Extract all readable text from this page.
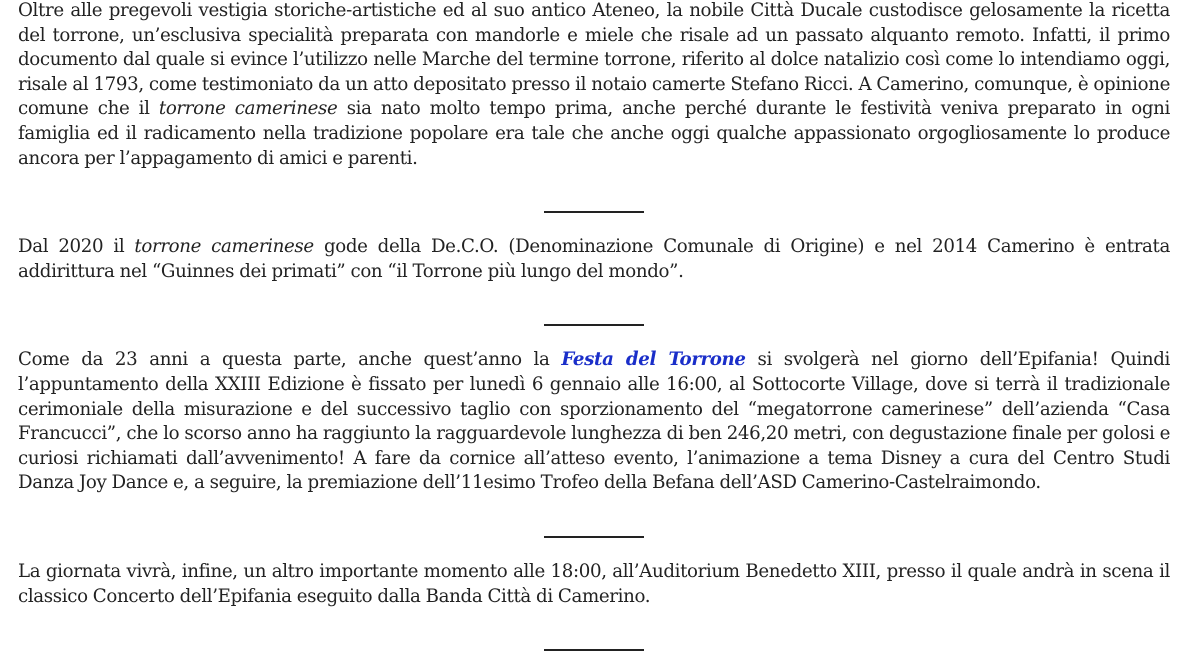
Oltre alle pregevoli vestigia storiche-artistiche ed al suo antico Ateneo, la nobile Città Ducale custodisce gelosamente la ricetta del torrone, un’esclusiva specialità preparata con mandorle e miele che risale ad un passato alquanto remoto. Infatti, il primo documento dal quale si evince l’utilizzo nelle Marche del termine torrone, riferito al dolce natalizio così come lo intendiamo oggi, risale al 1793, come testimoniato da un atto depositato presso il notaio camerte Stefano Ricci. A Camerino, comunque, è opinione comune che il torrone camerinese sia nato molto tempo prima, anche perché durante le festività veniva preparato in ogni famiglia ed il radicamento nella tradizione popolare era tale che anche oggi qualche appassionato orgogliosamente lo produce ancora per l’appagamento di amici e parenti.

Dal 2020 il torrone camerinese gode della De.C.O. (Denominazione Comunale di Origine) e nel 2014 Camerino è entrata addirittura nel “Guinnes dei primati” con “il Torrone più lungo del mondo”.

Come da 23 anni a questa parte, anche quest’anno la Festa del Torrone si svolgerà nel giorno dell’Epifania! Quindi l’appuntamento della XXIII Edizione è fissato per lunedì 6 gennaio alle 16:00, al Sottocorte Village, dove si terrà il tradizionale cerimoniale della misurazione e del successivo taglio con sporzionamento del “megatorrone camerinese” dell’azienda “Casa Francucci”, che lo scorso anno ha raggiunto la ragguardevole lunghezza di ben 246,20 metri, con degustazione finale per golosi e curiosi richiamati dall’avvenimento! A fare da cornice all’atteso evento, l’animazione a tema Disney a cura del Centro Studi Danza Joy Dance e, a seguire, la premiazione dell’11esimo Trofeo della Befana dell’ASD Camerino-Castelraimondo.

La giornata vivrà, infine, un altro importante momento alle 18:00, all’Auditorium Benedetto XIII, presso il quale andrà in scena il classico Concerto dell’Epifania eseguito dalla Banda Città di Camerino.
